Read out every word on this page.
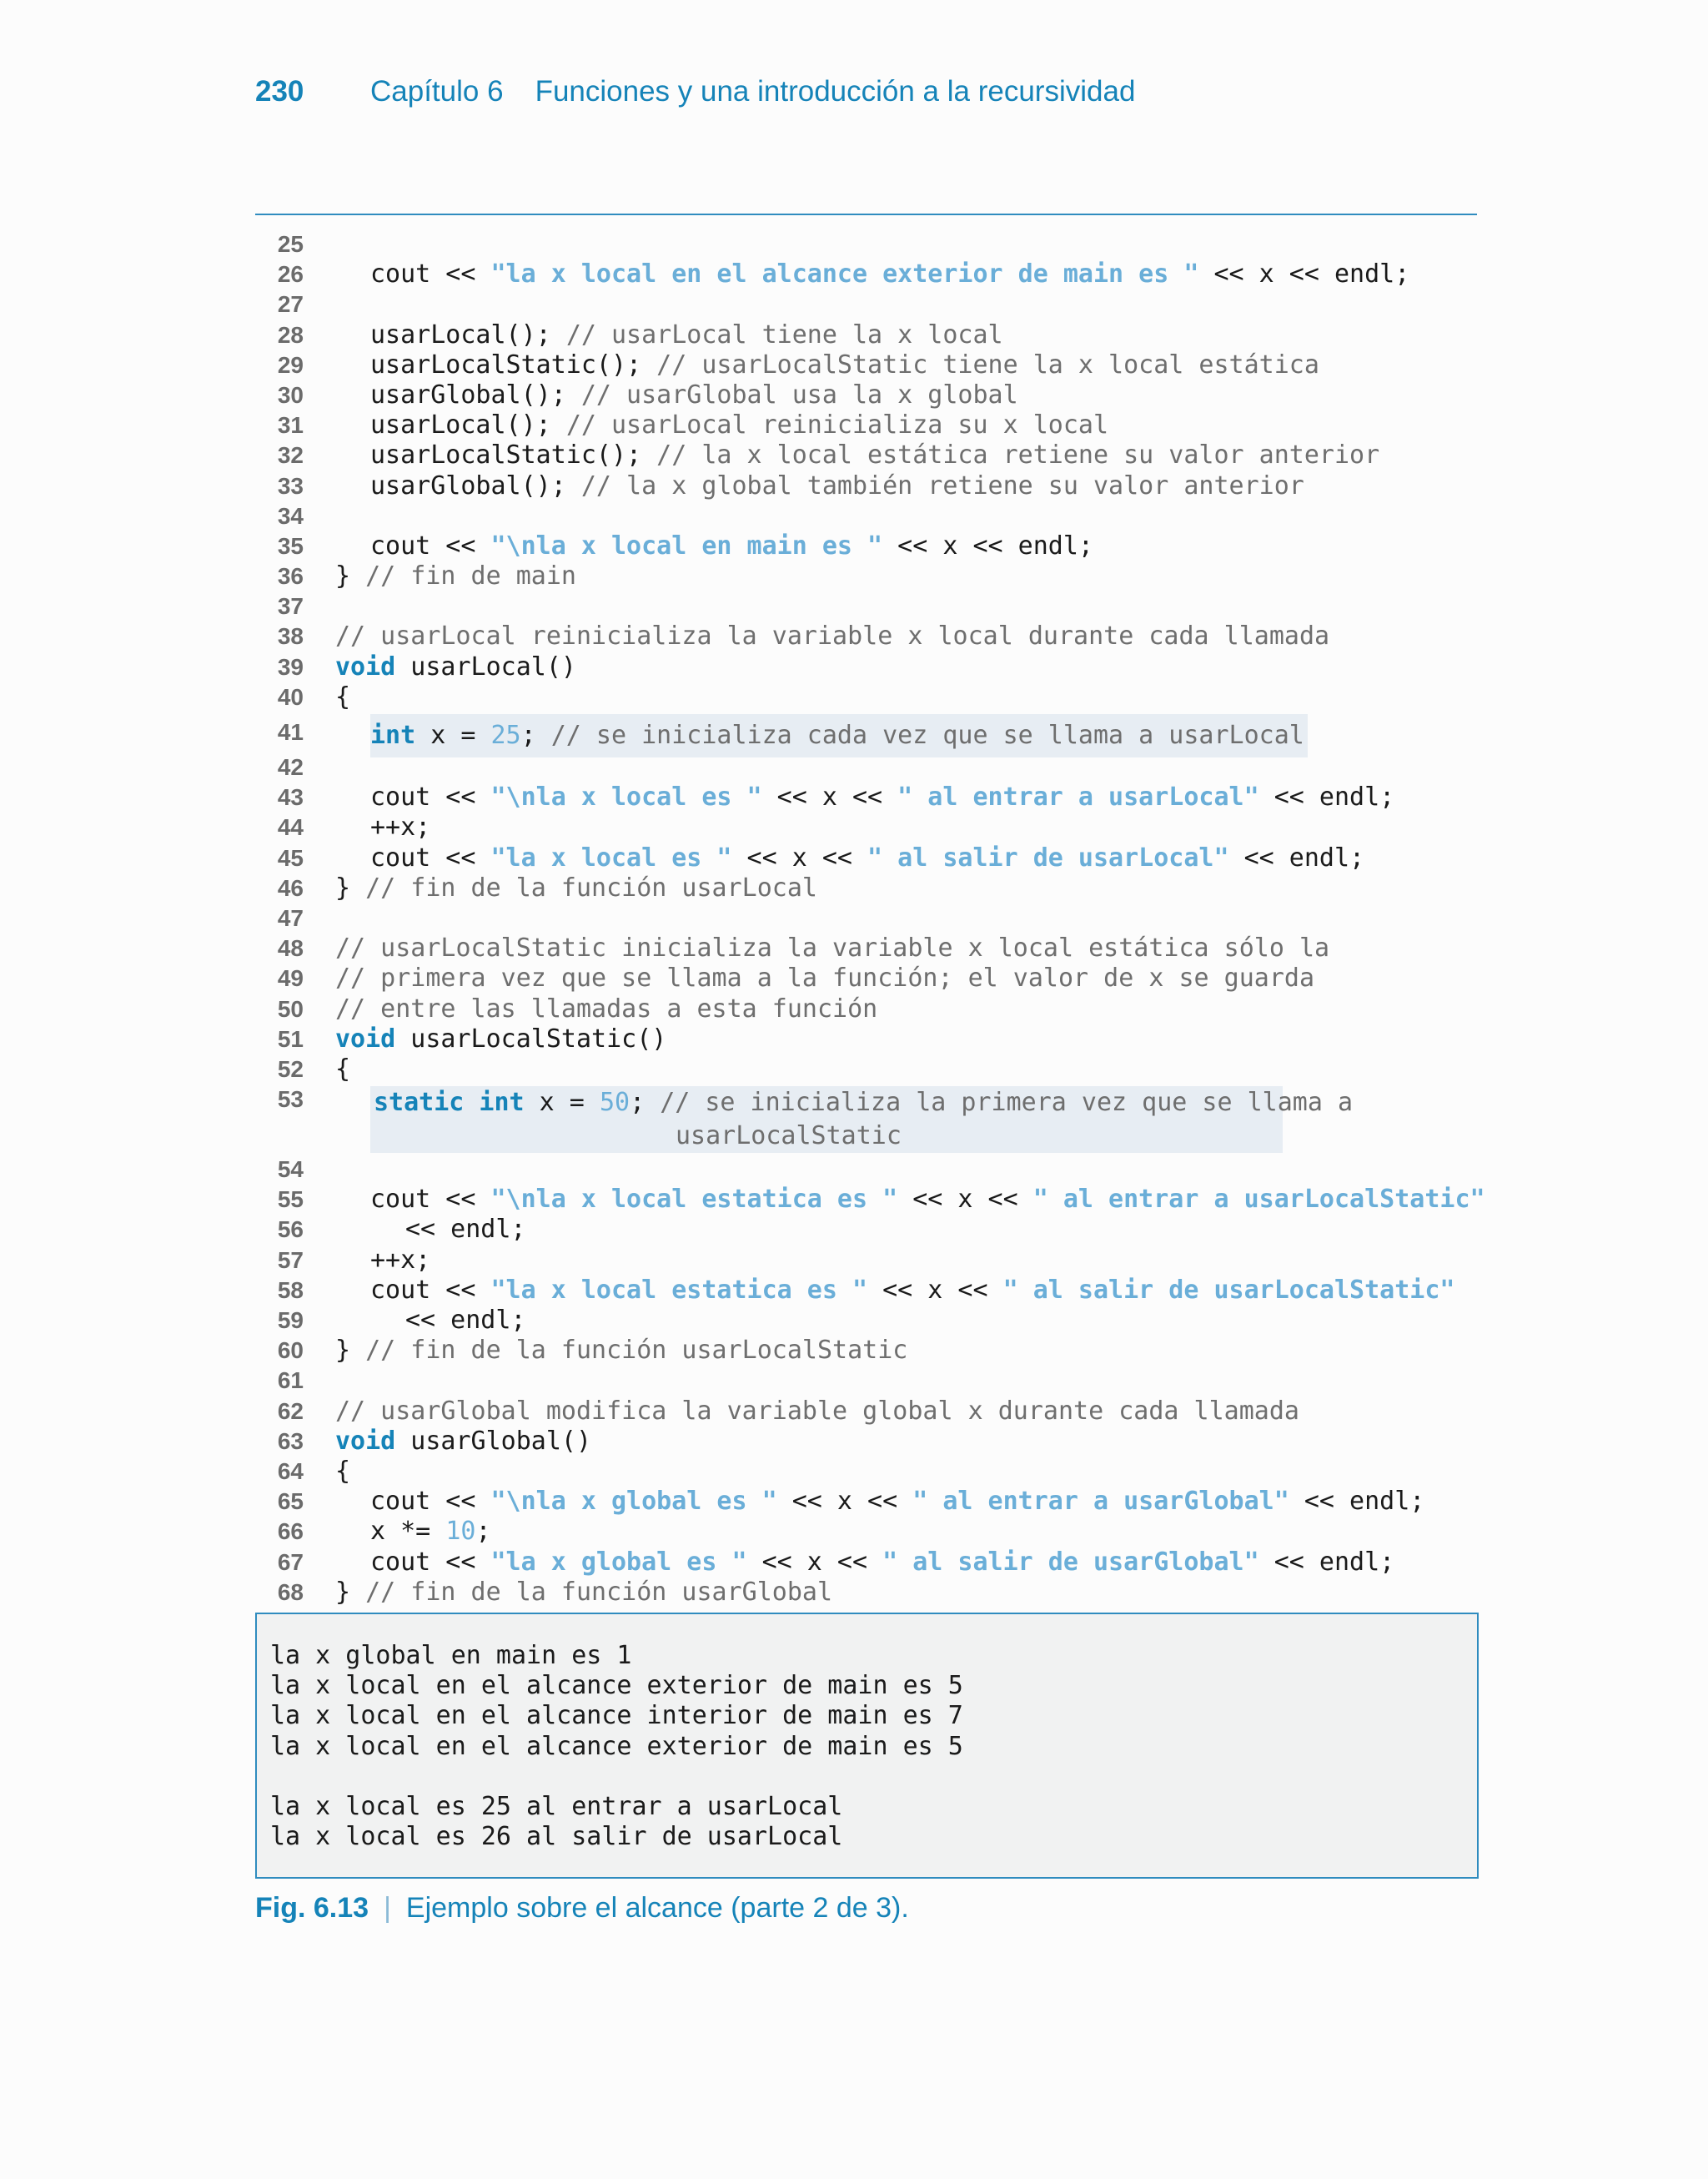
230 Capítulo 6 Funciones y una introducción a la recursividad
25
26	cout << "la x local en el alcance exterior de main es " << x << endl;
27
28	usarLocal(); // usarLocal tiene la x local
29	usarLocalStatic(); // usarLocalStatic tiene la x local estática
30	usarGlobal(); // usarGlobal usa la x global
31	usarLocal(); // usarLocal reinicializa su x local
32	usarLocalStatic(); // la x local estática retiene su valor anterior
33	usarGlobal(); // la x global también retiene su valor anterior
34
35	cout << "\nla x local en main es " << x << endl;
36 } // fin de main
37
38 // usarLocal reinicializa la variable x local durante cada llamada
39 void usarLocal()
40 {
41	int x = 25; // se inicializa cada vez que se llama a usarLocal
42
43	cout << "\nla x local es " << x << " al entrar a usarLocal" << endl;
44	++x;
45	cout << "la x local es " << x << " al salir de usarLocal" << endl;
46 } // fin de la función usarLocal
47
48 // usarLocalStatic inicializa la variable x local estática sólo la
49 // primera vez que se llama a la función; el valor de x se guarda
50 // entre las llamadas a esta función
51 void usarLocalStatic()
52 {
53	static int x = 50; // se inicializa la primera vez que se llama a
usarLocalStatic
54
55	cout << "\nla x local estatica es " << x << " al entrar a usarLocalStatic"
56	<< endl;
57	++x;
58	cout << "la x local estatica es " << x << " al salir de usarLocalStatic"
59	<< endl;
60 } // fin de la función usarLocalStatic
61
62 // usarGlobal modifica la variable global x durante cada llamada
63 void usarGlobal()
64 {
65	cout << "\nla x global es " << x << " al entrar a usarGlobal" << endl;
66	x *= 10;
67	cout << "la x global es " << x << " al salir de usarGlobal" << endl;
68 } // fin de la función usarGlobal
la x global en main es 1
la x local en el alcance exterior de main es 5
la x local en el alcance interior de main es 7
la x local en el alcance exterior de main es 5
la x local es 25 al entrar a usarLocal
la x local es 26 al salir de usarLocal
Fig. 6.13 | Ejemplo sobre el alcance (parte 2 de 3).
